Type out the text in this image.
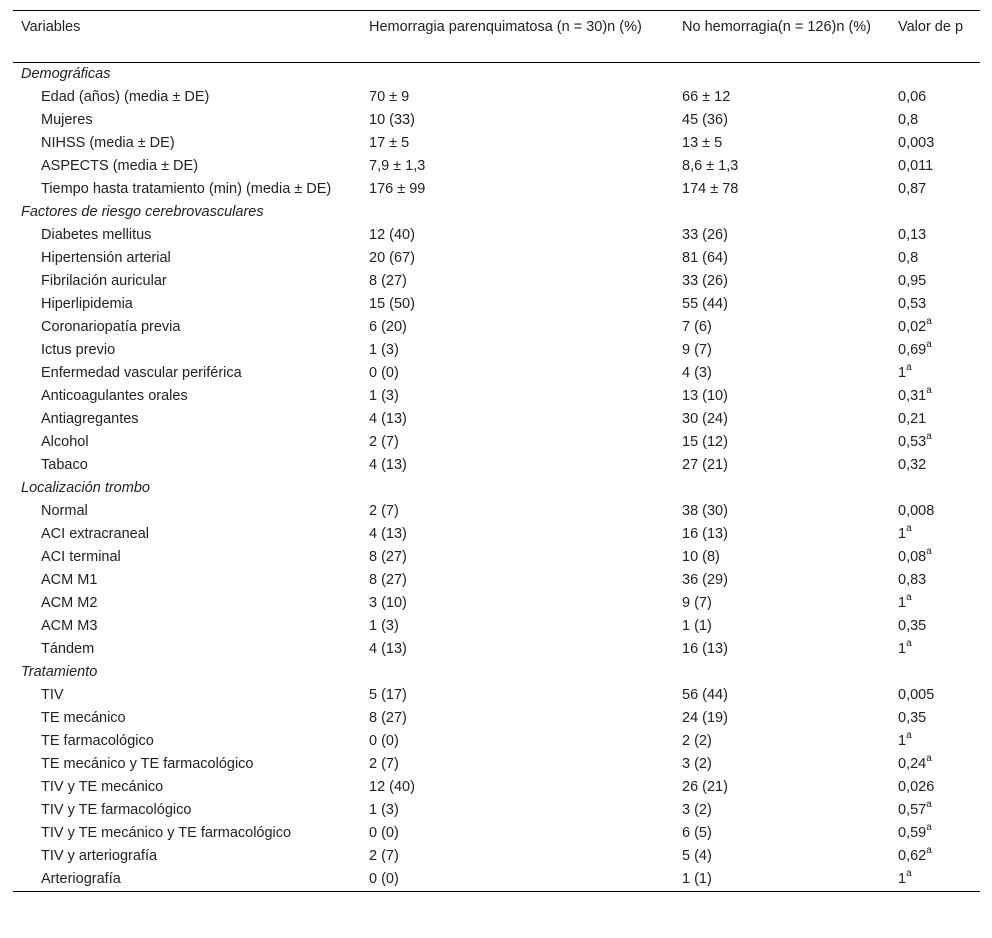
Variables	Hemorragia parenquimatosa (n = 30)n (%)	No hemorragia(n = 126)n (%)	Valor de p
Demográficas			
Edad (años) (media ± DE)	70 ± 9	66 ± 12	0,06
Mujeres	10 (33)	45 (36)	0,8
NIHSS (media ± DE)	17 ± 5	13 ± 5	0,003
ASPECTS (media ± DE)	7,9 ± 1,3	8,6 ± 1,3	0,011
Tiempo hasta tratamiento (min) (media ± DE)	176 ± 99	174 ± 78	0,87
Factores de riesgo cerebrovasculares			
Diabetes mellitus	12 (40)	33 (26)	0,13
Hipertensión arterial	20 (67)	81 (64)	0,8
Fibrilación auricular	8 (27)	33 (26)	0,95
Hiperlipidemia	15 (50)	55 (44)	0,53
Coronariopatía previa	6 (20)	7 (6)	0,02$^a$
Ictus previo	1 (3)	9 (7)	0,69$^a$
Enfermedad vascular periférica	0 (0)	4 (3)	1$^a$
Anticoagulantes orales	1 (3)	13 (10)	0,31$^a$
Antiagregantes	4 (13)	30 (24)	0,21
Alcohol	2 (7)	15 (12)	0,53$^a$
Tabaco	4 (13)	27 (21)	0,32
Localización trombo			
Normal	2 (7)	38 (30)	0,008
ACI extracraneal	4 (13)	16 (13)	1$^a$
ACI terminal	8 (27)	10 (8)	0,08$^a$
ACM M1	8 (27)	36 (29)	0,83
ACM M2	3 (10)	9 (7)	1$^a$
ACM M3	1 (3)	1 (1)	0,35
Tándem	4 (13)	16 (13)	1$^a$
Tratamiento			
TIV	5 (17)	56 (44)	0,005
TE mecánico	8 (27)	24 (19)	0,35
TE farmacológico	0 (0)	2 (2)	1$^a$
TE mecánico y TE farmacológico	2 (7)	3 (2)	0,24$^a$
TIV y TE mecánico	12 (40)	26 (21)	0,026
TIV y TE farmacológico	1 (3)	3 (2)	0,57$^a$
TIV y TE mecánico y TE farmacológico	0 (0)	6 (5)	0,59$^a$
TIV y arteriografía	2 (7)	5 (4)	0,62$^a$
Arteriografía	0 (0)	1 (1)	1$^a$
